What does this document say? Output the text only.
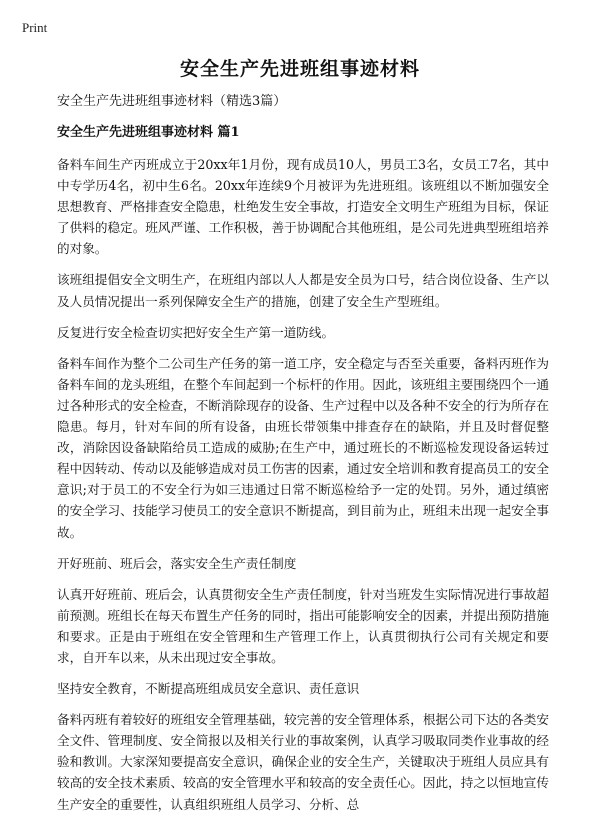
Print
安全生产先进班组事迹材料

安全生产先进班组事迹材料（精选3篇）

安全生产先进班组事迹材料 篇1

备料车间生产丙班成立于20xx年1月份，现有成员10人，男员工3名，女员工7名，其中中专学历4名，初中生6名。20xx年连续9个月被评为先进班组。该班组以不断加强安全思想教育、严格排查安全隐患，杜绝发生安全事故，打造安全文明生产班组为目标，保证了供料的稳定。班风严谨、工作积极，善于协调配合其他班组，是公司先进典型班组培养的对象。

该班组提倡安全文明生产，在班组内部以人人都是安全员为口号，结合岗位设备、生产以及人员情况提出一系列保障安全生产的措施，创建了安全生产型班组。

反复进行安全检查切实把好安全生产第一道防线。

备料车间作为整个二公司生产任务的第一道工序，安全稳定与否至关重要，备料丙班作为备料车间的龙头班组，在整个车间起到一个标杆的作用。因此，该班组主要围绕四个一通过各种形式的安全检查，不断消除现存的设备、生产过程中以及各种不安全的行为所存在隐患。每月，针对车间的所有设备，由班长带领集中排查存在的缺陷，并且及时督促整改，消除因设备缺陷给员工造成的威胁;在生产中，通过班长的不断巡检发现设备运转过程中因转动、传动以及能够造成对员工伤害的因素，通过安全培训和教育提高员工的安全意识;对于员工的不安全行为如三违通过日常不断巡检给予一定的处罚。另外，通过缜密的安全学习、技能学习使员工的安全意识不断提高，到目前为止，班组未出现一起安全事故。

开好班前、班后会，落实安全生产责任制度

认真开好班前、班后会，认真贯彻安全生产责任制度，针对当班发生实际情况进行事故超前预测。班组长在每天布置生产任务的同时，指出可能影响安全的因素，并提出预防措施和要求。正是由于班组在安全管理和生产管理工作上，认真贯彻执行公司有关规定和要求，自开车以来，从未出现过安全事故。

坚持安全教育，不断提高班组成员安全意识、责任意识

备料丙班有着较好的班组安全管理基础，较完善的安全管理体系，根据公司下达的各类安全文件、管理制度、安全简报以及相关行业的事故案例，认真学习吸取同类作业事故的经验和教训。大家深知要提高安全意识，确保企业的安全生产，关键取决于班组人员应具有较高的安全技术素质、较高的安全管理水平和较高的安全责任心。因此，持之以恒地宣传生产安全的重要性，认真组织班组人员学习、分析、总
